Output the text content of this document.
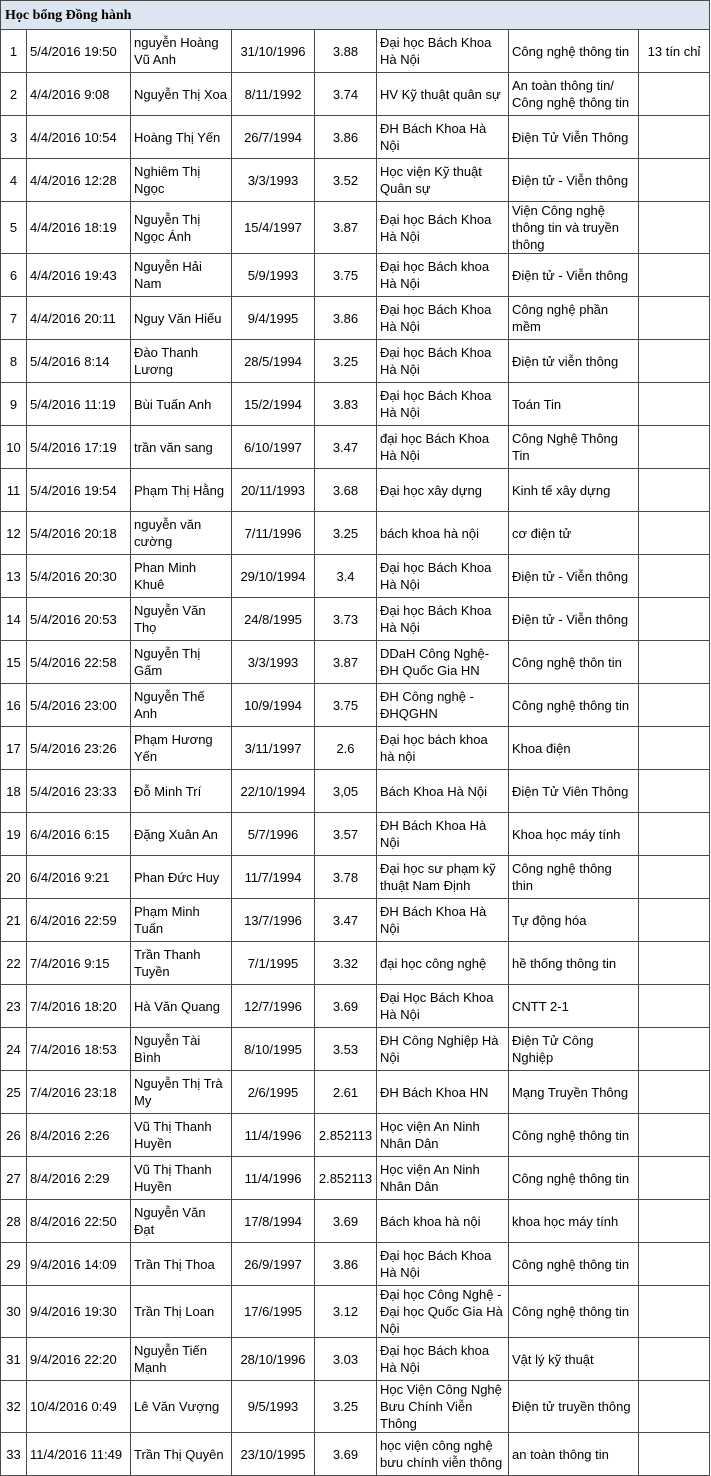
Học bổng Đồng hành							
1	5/4/2016 19:50	nguyễn Hoàng Vũ Anh	31/10/1996	3.88	Đại học Bách Khoa Hà Nội	Công nghệ thông tin	13 tín chỉ
2	4/4/2016 9:08	Nguyễn Thị Xoa	8/11/1992	3.74	HV Kỹ thuật quân sự	An toàn thông tin/ Công nghệ thông tin	
3	4/4/2016 10:54	Hoàng Thị Yến	26/7/1994	3.86	ĐH Bách Khoa Hà Nội	Điện Tử Viễn Thông	
4	4/4/2016 12:28	Nghiêm Thị Ngọc	3/3/1993	3.52	Học viện Kỹ thuật Quân sự	Điện tử - Viễn thông	
5	4/4/2016 18:19	Nguyễn Thị Ngọc Ánh	15/4/1997	3.87	Đại học Bách Khoa Hà Nội	Viện Công nghệ thông tin và truyền thông	
6	4/4/2016 19:43	Nguyễn Hải Nam	5/9/1993	3.75	Đại học Bách khoa Hà Nội	Điện tử - Viễn thông	
7	4/4/2016 20:11	Nguy Văn Hiếu	9/4/1995	3.86	Đại học Bách Khoa Hà Nội	Công nghệ phần mềm	
8	5/4/2016 8:14	Đào Thanh Lương	28/5/1994	3.25	Đại học Bách Khoa Hà Nội	Điện tử viễn thông	
9	5/4/2016 11:19	Bùi Tuấn Anh	15/2/1994	3.83	Đại học Bách Khoa Hà Nội	Toán Tin	
10	5/4/2016 17:19	trần văn sang	6/10/1997	3.47	đại học Bách Khoa Hà Nội	Công Nghệ Thông Tin	
11	5/4/2016 19:54	Phạm Thị Hằng	20/11/1993	3.68	Đại học xây dựng	Kinh tế xây dựng	
12	5/4/2016 20:18	nguyễn văn cường	7/11/1996	3.25	bách khoa hà nội	cơ điện tử	
13	5/4/2016 20:30	Phan Minh Khuê	29/10/1994	3.4	Đại học Bách Khoa Hà Nội	Điện tử - Viễn thông	
14	5/4/2016 20:53	Nguyễn Văn Thọ	24/8/1995	3.73	Đại học Bách Khoa Hà Nội	Điện tử - Viễn thông	
15	5/4/2016 22:58	Nguyễn Thị Gấm	3/3/1993	3.87	DDaH Công Nghệ-ĐH Quốc Gia HN	Công nghệ thôn tin	
16	5/4/2016 23:00	Nguyễn Thế Anh	10/9/1994	3.75	ĐH Công nghệ - ĐHQGHN	Công nghệ thông tin	
17	5/4/2016 23:26	Phạm Hương Yến	3/11/1997	2.6	Đại học bách khoa hà nội	Khoa điện	
18	5/4/2016 23:33	Đỗ Minh Trí	22/10/1994	3,05	Bách Khoa Hà Nội	Điện Tử Viên Thông	
19	6/4/2016 6:15	Đặng Xuân An	5/7/1996	3.57	ĐH Bách Khoa Hà Nội	Khoa học máy tính	
20	6/4/2016 9:21	Phan Đức Huy	11/7/1994	3.78	Đại học sư phạm kỹ thuật Nam Định	Công nghệ thông thin	
21	6/4/2016 22:59	Phạm Minh Tuấn	13/7/1996	3.47	ĐH Bách Khoa Hà Nội	Tự động hóa	
22	7/4/2016 9:15	Trần Thanh Tuyền	7/1/1995	3.32	đại học công nghệ	hề thống thông tin	
23	7/4/2016 18:20	Hà Văn Quang	12/7/1996	3.69	Đại Học Bách Khoa Hà Nội	CNTT 2-1	
24	7/4/2016 18:53	Nguyễn Tài Bình	8/10/1995	3.53	ĐH Công Nghiệp Hà Nội	Điện Tử Công Nghiệp	
25	7/4/2016 23:18	Nguyễn Thị Trà My	2/6/1995	2.61	ĐH Bách Khoa HN	Mạng Truyền Thông	
26	8/4/2016 2:26	Vũ Thị Thanh Huyền	11/4/1996	2.852113	Học viện An Ninh Nhân Dân	Công nghệ thông tin	
27	8/4/2016 2:29	Vũ Thị Thanh Huyền	11/4/1996	2.852113	Học viện An Ninh Nhân Dân	Công nghệ thông tin	
28	8/4/2016 22:50	Nguyễn Văn Đạt	17/8/1994	3.69	Bách khoa hà nội	khoa học máy tính	
29	9/4/2016 14:09	Trần Thị Thoa	26/9/1997	3.86	Đại học Bách Khoa Hà Nội	Công nghệ thông tin	
30	9/4/2016 19:30	Trần Thị Loan	17/6/1995	3.12	Đại học Công Nghệ - Đại học Quốc Gia Hà Nội	Công nghệ thông tin	
31	9/4/2016 22:20	Nguyễn Tiến Mạnh	28/10/1996	3.03	Đại học Bách khoa Hà Nội	Vật lý kỹ thuật	
32	10/4/2016 0:49	Lê Văn Vượng	9/5/1993	3.25	Học Viện Công Nghệ Bưu Chính Viễn Thông	Điện tử truyền thông	
33	11/4/2016 11:49	Trần Thị Quyên	23/10/1995	3.69	học viện công nghệ bưu chính viễn thông	an toàn thông tin	
